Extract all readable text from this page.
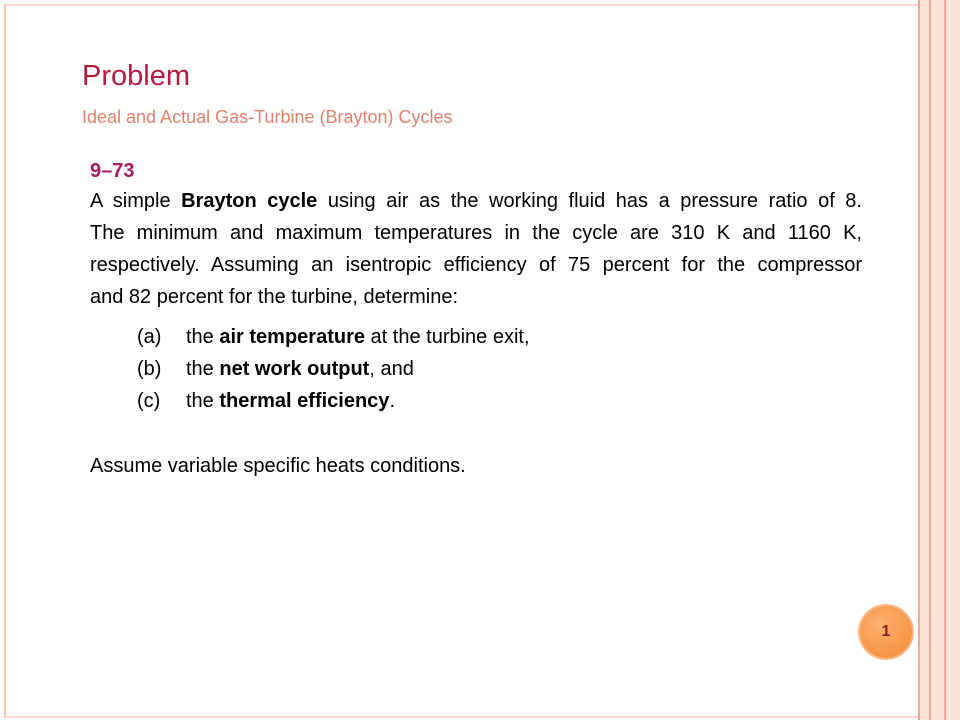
Problem
Ideal and Actual Gas-Turbine (Brayton) Cycles
9–73
A simple Brayton cycle using air as the working fluid has a pressure ratio of 8.
The minimum and maximum temperatures in the cycle are 310 K and 1160 K,
respectively. Assuming an isentropic efficiency of 75 percent for the compressor
and 82 percent for the turbine, determine:
(a) the air temperature at the turbine exit,
(b) the net work output, and
(c) the thermal efficiency.
Assume variable specific heats conditions.
1
